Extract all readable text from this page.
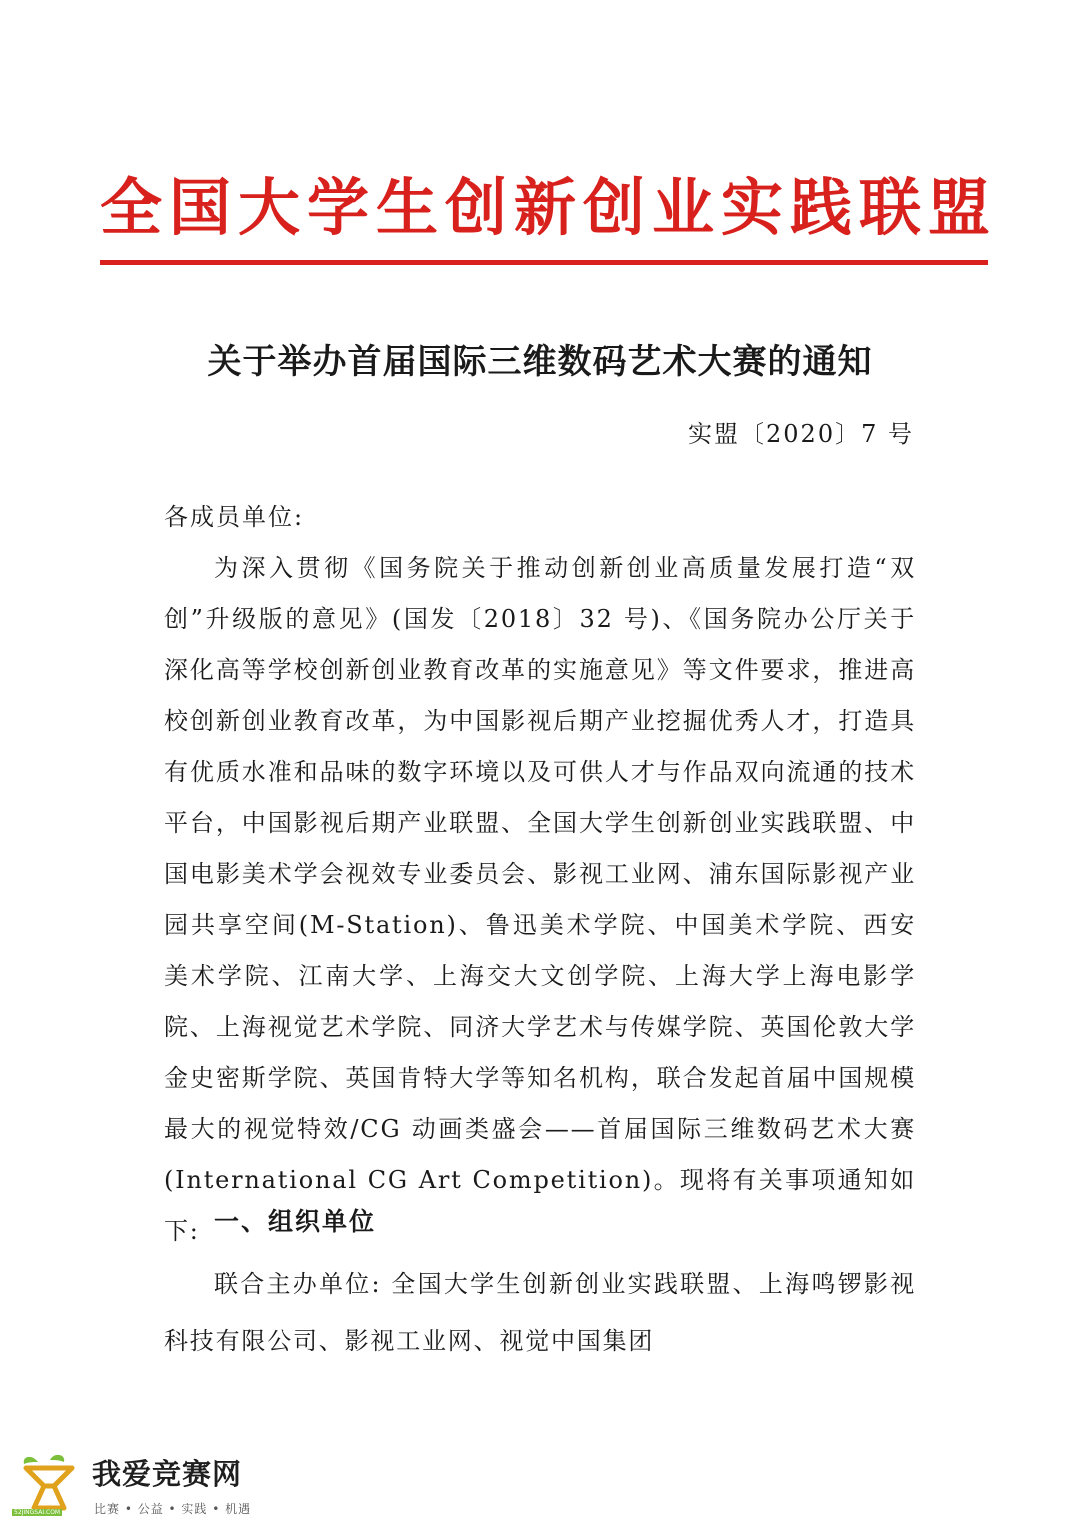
全国大学生创新创业实践联盟
关于举办首届国际三维数码艺术大赛的通知
实盟〔2020〕7 号
各成员单位:
为深入贯彻《国务院关于推动创新创业高质量发展打造“双创”升级版的意见》(国发〔2018〕32 号)、《国务院办公厅关于深化高等学校创新创业教育改革的实施意见》等文件要求，推进高校创新创业教育改革，为中国影视后期产业挖掘优秀人才，打造具有优质水准和品味的数字环境以及可供人才与作品双向流通的技术平台，中国影视后期产业联盟、全国大学生创新创业实践联盟、中国电影美术学会视效专业委员会、影视工业网、浦东国际影视产业园共享空间(M-Station)、鲁迅美术学院、中国美术学院、西安美术学院、江南大学、上海交大文创学院、上海大学上海电影学院、上海视觉艺术学院、同济大学艺术与传媒学院、英国伦敦大学金史密斯学院、英国肯特大学等知名机构，联合发起首届中国规模最大的视觉特效/CG 动画类盛会——首届国际三维数码艺术大赛(International CG Art Competition)。现将有关事项通知如下: 一、组织单位
联合主办单位: 全国大学生创新创业实践联盟、上海鸣锣影视科技有限公司、影视工业网、视觉中国集团
52JINGSAI.COM
我爱竞赛网
比赛 • 公益 • 实践 • 机遇
